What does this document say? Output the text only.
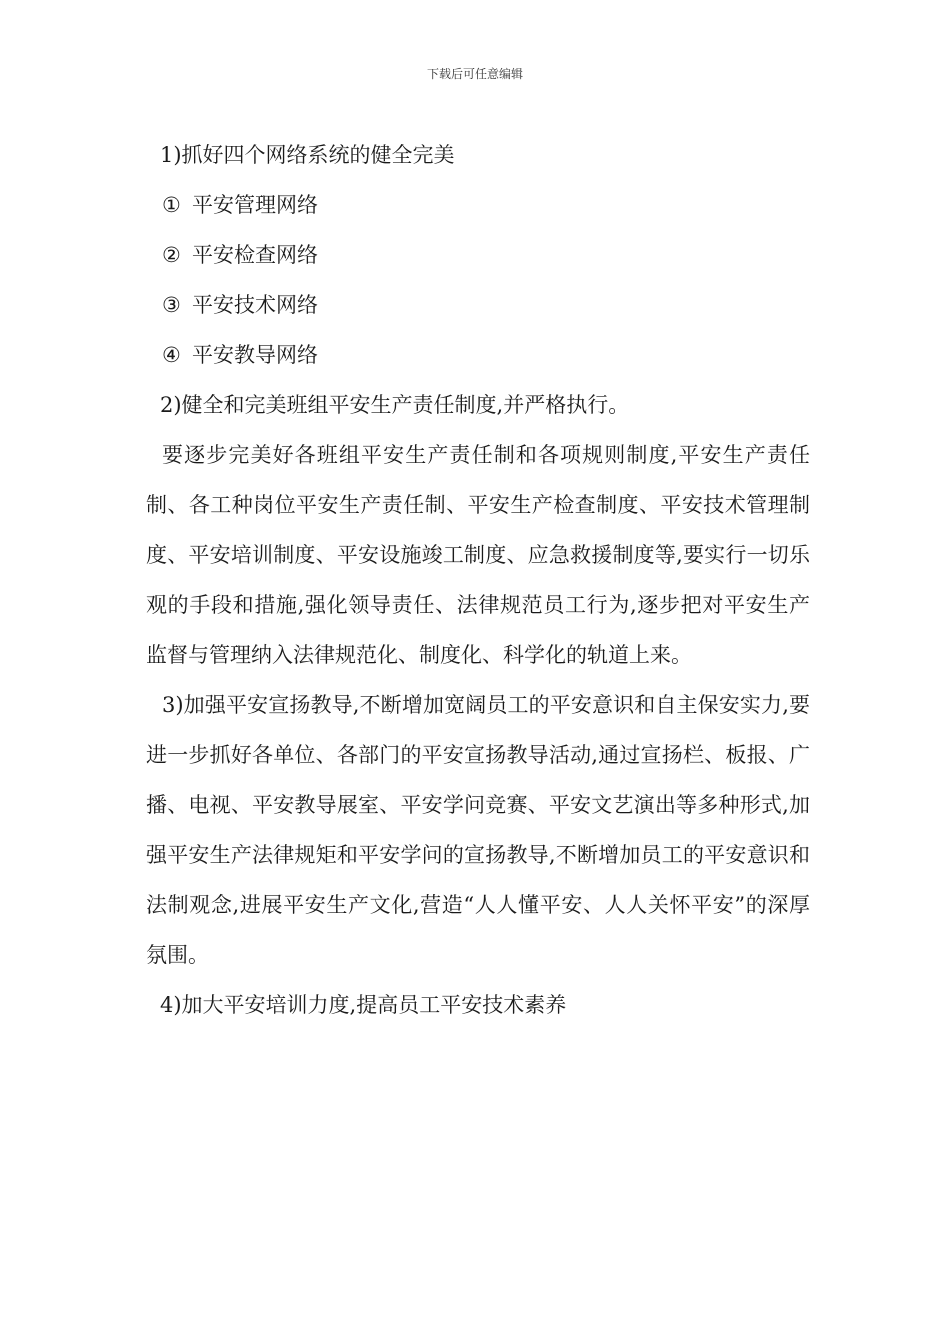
下载后可任意编辑

1)抓好四个网络系统的健全完美

① 平安管理网络

② 平安检查网络

③ 平安技术网络

④ 平安教导网络

2)健全和完美班组平安生产责任制度,并严格执行。

要逐步完美好各班组平安生产责任制和各项规则制度,平安生产责任制、各工种岗位平安生产责任制、平安生产检查制度、平安技术管理制度、平安培训制度、平安设施竣工制度、应急救援制度等,要实行一切乐观的手段和措施,强化领导责任、法律规范员工行为,逐步把对平安生产监督与管理纳入法律规范化、制度化、科学化的轨道上来。

3)加强平安宣扬教导,不断增加宽阔员工的平安意识和自主保安实力,要进一步抓好各单位、各部门的平安宣扬教导活动,通过宣扬栏、板报、广播、电视、平安教导展室、平安学问竞赛、平安文艺演出等多种形式,加强平安生产法律规矩和平安学问的宣扬教导,不断增加员工的平安意识和法制观念,进展平安生产文化,营造“人人懂平安、人人关怀平安”的深厚氛围。

4)加大平安培训力度,提高员工平安技术素养
